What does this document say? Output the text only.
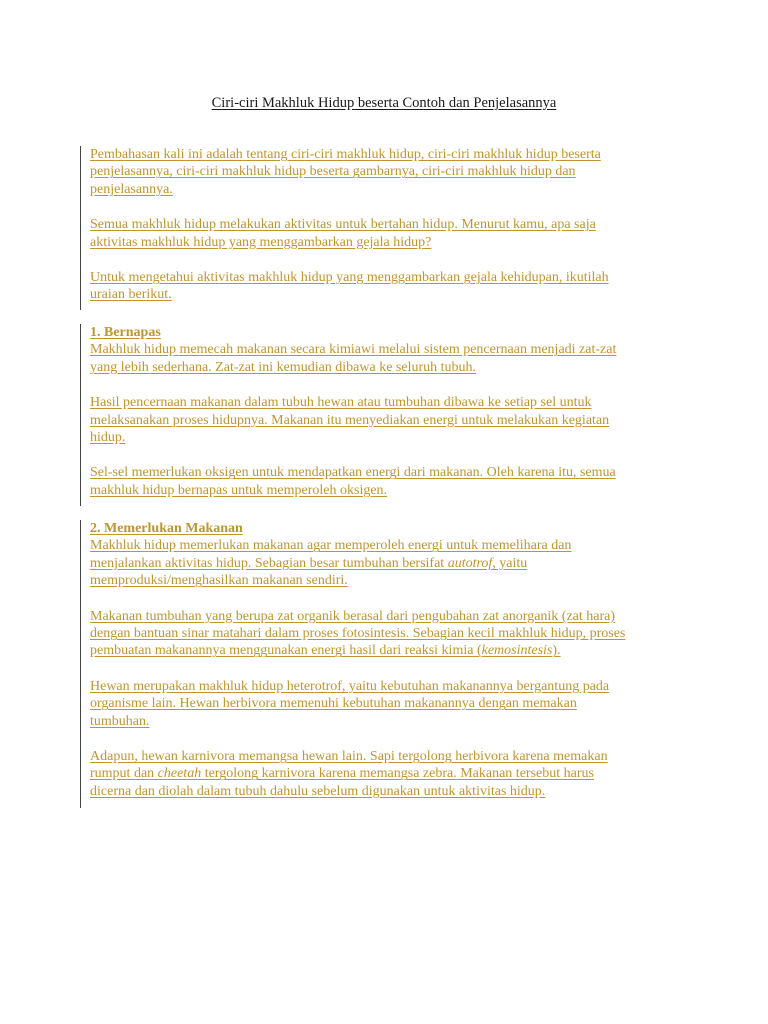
Ciri-ciri Makhluk Hidup beserta Contoh dan Penjelasannya

Pembahasan kali ini adalah tentang ciri-ciri makhluk hidup, ciri-ciri makhluk hidup beserta
penjelasannya, ciri-ciri makhluk hidup beserta gambarnya, ciri-ciri makhluk hidup dan
penjelasannya.

Semua makhluk hidup melakukan aktivitas untuk bertahan hidup. Menurut kamu, apa saja
aktivitas makhluk hidup yang menggambarkan gejala hidup?

Untuk mengetahui aktivitas makhluk hidup yang menggambarkan gejala kehidupan, ikutilah
uraian berikut.

1. Bernapas
Makhluk hidup memecah makanan secara kimiawi melalui sistem pencernaan menjadi zat-zat
yang lebih sederhana. Zat-zat ini kemudian dibawa ke seluruh tubuh.

Hasil pencernaan makanan dalam tubuh hewan atau tumbuhan dibawa ke setiap sel untuk
melaksanakan proses hidupnya. Makanan itu menyediakan energi untuk melakukan kegiatan
hidup.

Sel-sel memerlukan oksigen untuk mendapatkan energi dari makanan. Oleh karena itu, semua
makhluk hidup bernapas untuk memperoleh oksigen.

2. Memerlukan Makanan
Makhluk hidup memerlukan makanan agar memperoleh energi untuk memelihara dan
menjalankan aktivitas hidup. Sebagian besar tumbuhan bersifat autotrof, yaitu
memproduksi/menghasilkan makanan sendiri.

Makanan tumbuhan yang berupa zat organik berasal dari pengubahan zat anorganik (zat hara)
dengan bantuan sinar matahari dalam proses fotosintesis. Sebagian kecil makhluk hidup, proses
pembuatan makanannya menggunakan energi hasil dari reaksi kimia (kemosintesis).

Hewan merupakan makhluk hidup heterotrof, yaitu kebutuhan makanannya bergantung pada
organisme lain. Hewan herbivora memenuhi kebutuhan makanannya dengan memakan
tumbuhan.

Adapun, hewan karnivora memangsa hewan lain. Sapi tergolong herbivora karena memakan
rumput dan cheetah tergolong karnivora karena memangsa zebra. Makanan tersebut harus
dicerna dan diolah dalam tubuh dahulu sebelum digunakan untuk aktivitas hidup.
